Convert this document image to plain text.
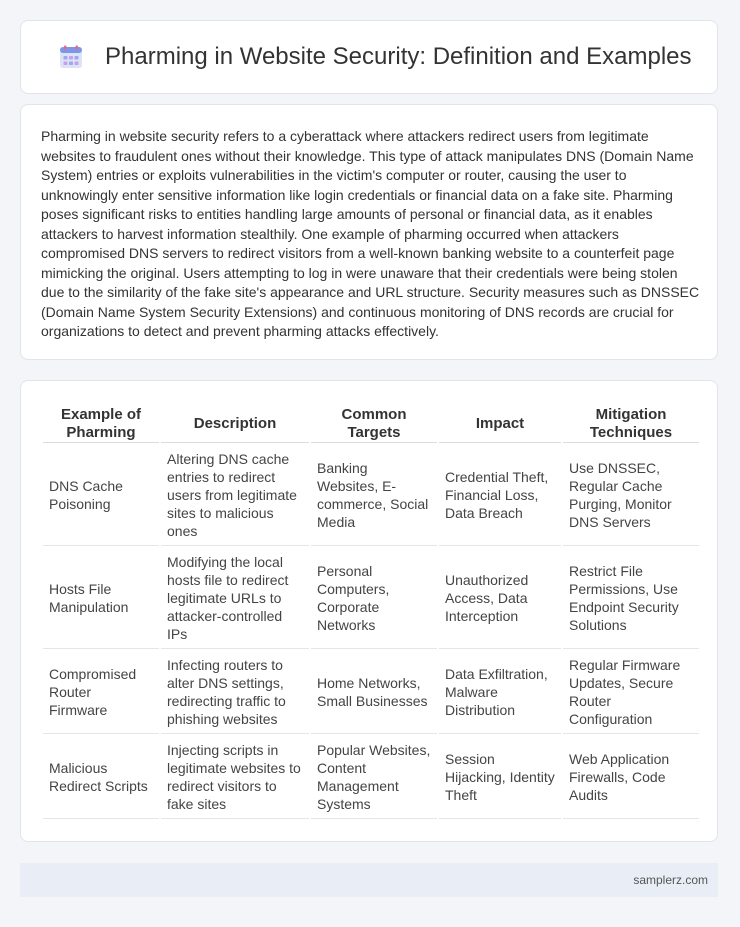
Pharming in Website Security: Definition and Examples

Pharming in website security refers to a cyberattack where attackers redirect users from legitimate websites to fraudulent ones without their knowledge. This type of attack manipulates DNS (Domain Name System) entries or exploits vulnerabilities in the victim's computer or router, causing the user to unknowingly enter sensitive information like login credentials or financial data on a fake site. Pharming poses significant risks to entities handling large amounts of personal or financial data, as it enables attackers to harvest information stealthily. One example of pharming occurred when attackers compromised DNS servers to redirect visitors from a well-known banking website to a counterfeit page mimicking the original. Users attempting to log in were unaware that their credentials were being stolen due to the similarity of the fake site's appearance and URL structure. Security measures such as DNSSEC (Domain Name System Security Extensions) and continuous monitoring of DNS records are crucial for organizations to detect and prevent pharming attacks effectively.

Example of Pharming	Description	Common Targets	Impact	Mitigation Techniques
DNS Cache Poisoning	Altering DNS cache entries to redirect users from legitimate sites to malicious ones	Banking Websites, E-commerce, Social Media	Credential Theft, Financial Loss, Data Breach	Use DNSSEC, Regular Cache Purging, Monitor DNS Servers
Hosts File Manipulation	Modifying the local hosts file to redirect legitimate URLs to attacker-controlled IPs	Personal Computers, Corporate Networks	Unauthorized Access, Data Interception	Restrict File Permissions, Use Endpoint Security Solutions
Compromised Router Firmware	Infecting routers to alter DNS settings, redirecting traffic to phishing websites	Home Networks, Small Businesses	Data Exfiltration, Malware Distribution	Regular Firmware Updates, Secure Router Configuration
Malicious Redirect Scripts	Injecting scripts in legitimate websites to redirect visitors to fake sites	Popular Websites, Content Management Systems	Session Hijacking, Identity Theft	Web Application Firewalls, Code Audits
samplerz.com
